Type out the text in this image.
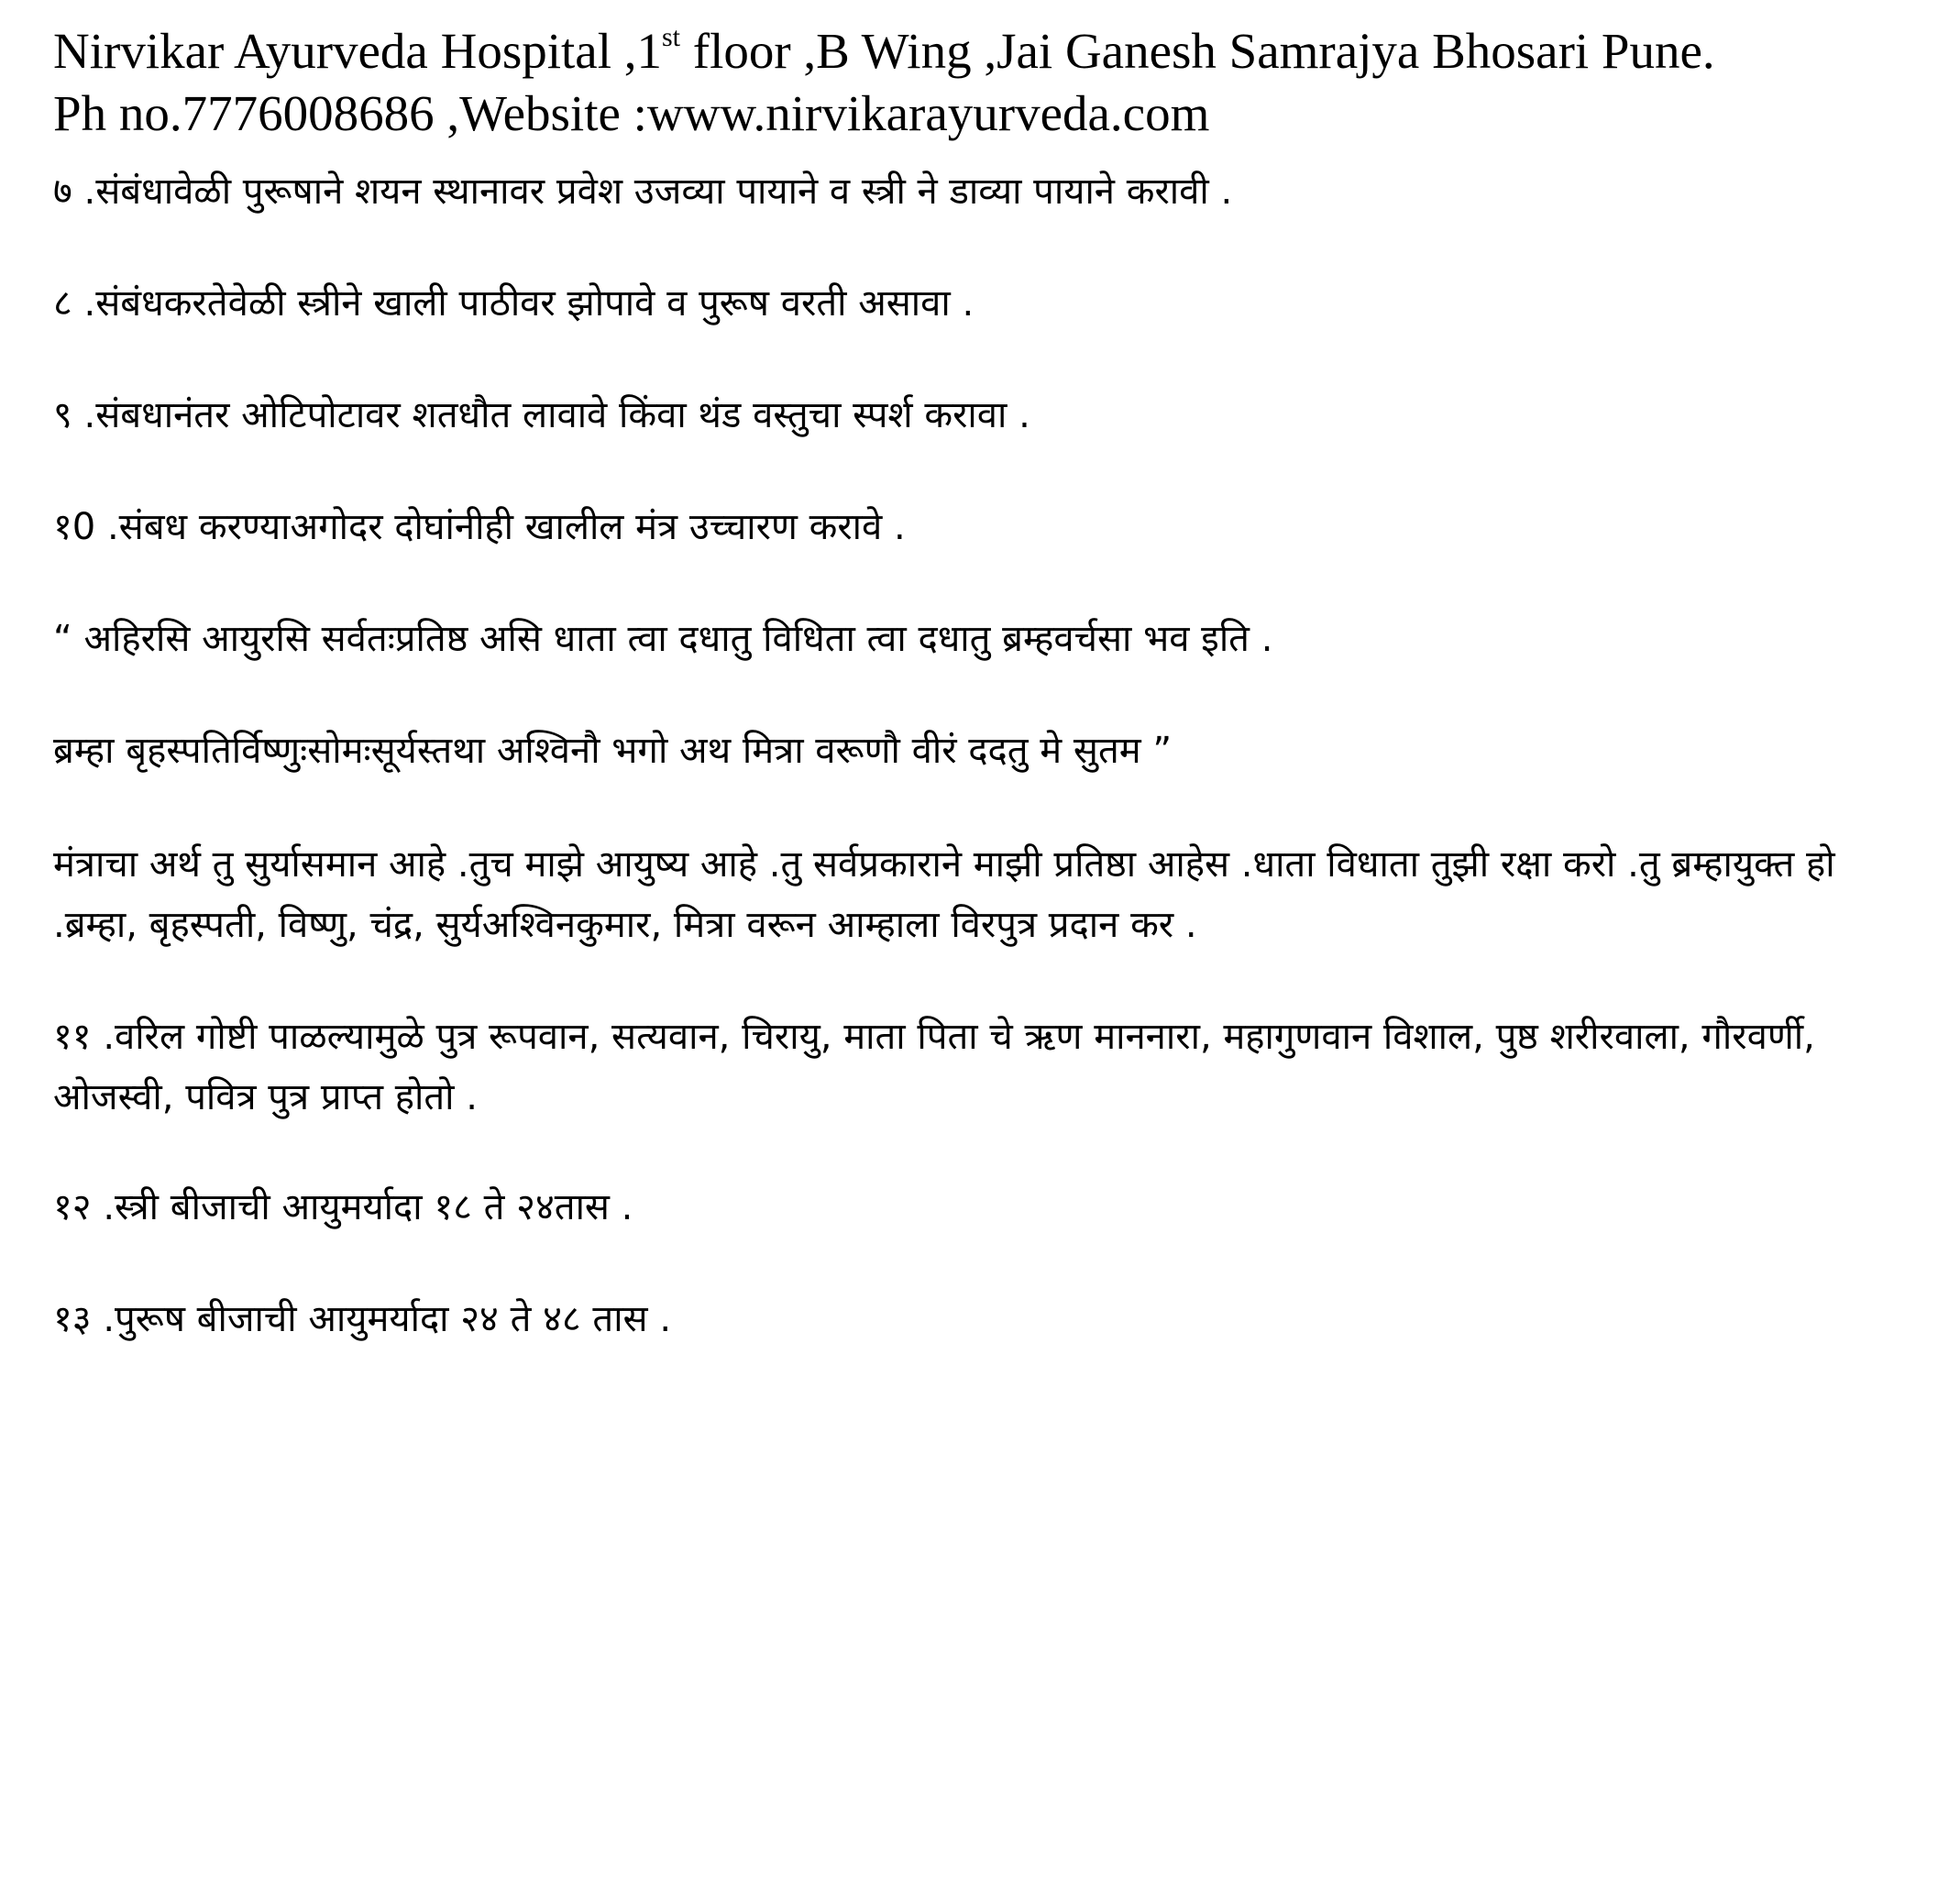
Nirvikar Ayurveda Hospital ,1st floor ,B Wing ,Jai Ganesh Samrajya Bhosari Pune.
Ph no.7776008686 ,Website :www.nirvikarayurveda.com

७ .संबंधावेळी पुरूषाने शयन स्थानावर प्रवेश उजव्या पायाने व स्त्री ने डाव्या पायाने करावी .

८ .संबंधकरतेवेळी स्त्रीने खाली पाठीवर झोपावे व पुरूष वरती असावा .

९ .संबधानंतर ओटिपोटावर शतधौत लावावे किंवा थंड वस्तुचा स्पर्श करावा .

१0 .संबध करण्याअगोदर दोघांनीही खालील मंत्र उच्चारण करावे .

“ अहिरसि आयुरसि सर्वतःप्रतिष्ठ असि धाता त्वा दधातु विधिता त्वा दधातु ब्रम्हवर्चसा भव इति .

ब्रम्हा बृहस्पतिर्विष्णुःसोमःसूर्यस्तथा अश्विनौ भगो अथ मित्रा वरूणौ वीरं ददतु मे सुतम ”

मंत्राचा अर्थ तु सुर्यासमान आहे .तुच माझे आयुष्य आहे .तु सर्वप्रकाराने माझी प्रतिष्ठा आहेस .धाता विधाता तुझी रक्षा करो .तु ब्रम्हायुक्त हो .ब्रम्हा, बृहस्पती, विष्णु, चंद्र, सुर्यअश्विनकुमार, मित्रा वरून आम्हाला विरपुत्र प्रदान कर .

११ .वरिल गोष्टी पाळल्यामुळे पुत्र रूपवान, सत्यवान, चिरायु, माता पिता चे ऋण माननारा, महागुणवान विशाल, पुष्ठ शरीरवाला, गौरवर्णी, ओजस्वी, पवित्र पुत्र प्राप्त होतो .

१२ .स्त्री बीजाची आयुमर्यादा १८ ते २४तास .

१३ .पुरूष बीजाची आयुमर्यादा २४ ते ४८ तास .
